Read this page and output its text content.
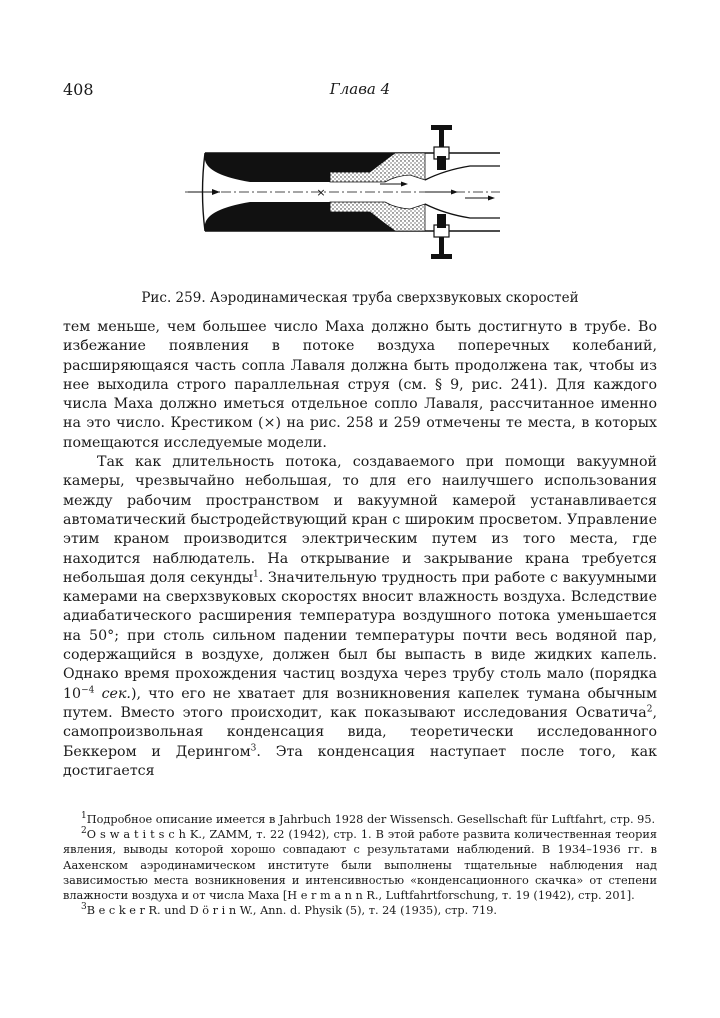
408	Глава 4
×
Рис. 259. Аэродинамическая труба сверхзвуковых скоростей

тем меньше, чем большее число Маха должно быть достигнуто в трубе. Во избежание появления в потоке воздуха поперечных колебаний, расширяющаяся часть сопла Лаваля должна быть продолжена так, чтобы из нее выходила строго параллельная струя (см. § 9, рис. 241). Для каждого числа Маха должно иметься отдельное сопло Лаваля, рассчитанное именно на это число. Крестиком (×) на рис. 258 и 259 отмечены те места, в которых помещаются исследуемые модели.

Так как длительность потока, создаваемого при помощи вакуумной камеры, чрезвычайно небольшая, то для его наилучшего использования между рабочим пространством и вакуумной камерой устанавливается автоматический быстродействующий кран с широким просветом. Управление этим краном производится электрическим путем из того места, где находится наблюдатель. На открывание и закрывание крана требуется небольшая доля секунды$^1$. Значительную трудность при работе с вакуумными камерами на сверхзвуковых скоростях вносит влажность воздуха. Вследствие адиабатического расширения температура воздушного потока уменьшается на 50°; при столь сильном падении температуры почти весь водяной пар, содержащийся в воздухе, должен был бы выпасть в виде жидких капель. Однако время прохождения частиц воздуха через трубу столь мало (порядка $10^{-4}$ сек.), что его не хватает для возникновения капелек тумана обычным путем. Вместо этого происходит, как показывают исследования Осватича$^2$, самопроизвольная конденсация вида, теоретически исследованного Беккером и Дерингом$^3$. Эта конденсация наступает после того, как достигается

$^1$Подробное описание имеется в Jahrbuch 1928 der Wissensch. Gesellschaft für Luftfahrt, стр. 95.

$^2$O s w a t i t s c h K., ZAMM, т. 22 (1942), стр. 1. В этой работе развита количественная теория явления, выводы которой хорошо совпадают с результатами наблюдений. В 1934–1936 гг. в Аахенском аэродинамическом институте были выполнены тщательные наблюдения над зависимостью места возникновения и интенсивностью «конденсационного скачка» от степени влажности воздуха и от числа Маха [H e r m a n n R., Luftfahrtforschung, т. 19 (1942), стр. 201].

$^3$B e c k e r R. und D ö r i n W., Ann. d. Physik (5), т. 24 (1935), стр. 719.
